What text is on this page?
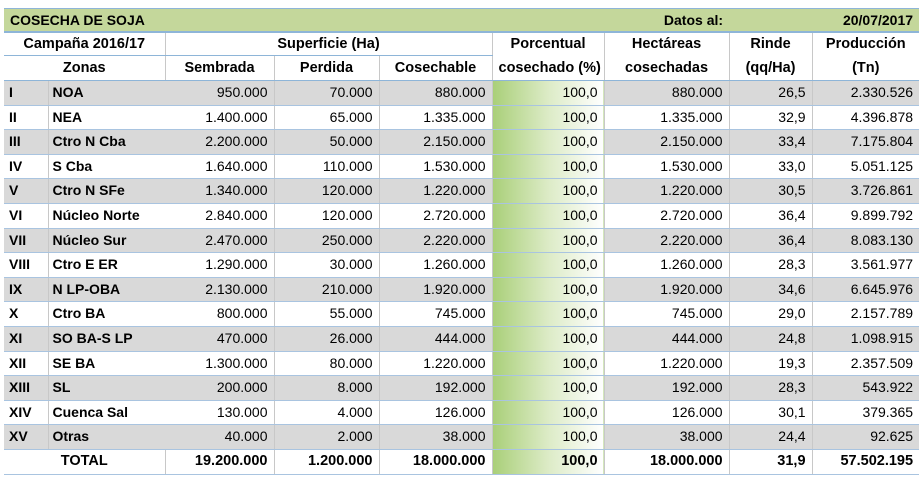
COSECHA DE SOJA						Datos al:	20/07/2017	
Campaña 2016/17		Superficie (Ha)			Porcentual	Hectáreas	Rinde	Producción
Zonas		Sembrada	Perdida	Cosechable	cosechado (%)	cosechadas	(qq/Ha)	(Tn)
I	NOA	950.000	70.000	880.000	100,0	880.000	26,5	2.330.526
II	NEA	1.400.000	65.000	1.335.000	100,0	1.335.000	32,9	4.396.878
III	Ctro N Cba	2.200.000	50.000	2.150.000	100,0	2.150.000	33,4	7.175.804
IV	S Cba	1.640.000	110.000	1.530.000	100,0	1.530.000	33,0	5.051.125
V	Ctro N SFe	1.340.000	120.000	1.220.000	100,0	1.220.000	30,5	3.726.861
VI	Núcleo Norte	2.840.000	120.000	2.720.000	100,0	2.720.000	36,4	9.899.792
VII	Núcleo Sur	2.470.000	250.000	2.220.000	100,0	2.220.000	36,4	8.083.130
VIII	Ctro E ER	1.290.000	30.000	1.260.000	100,0	1.260.000	28,3	3.561.977
IX	N LP-OBA	2.130.000	210.000	1.920.000	100,0	1.920.000	34,6	6.645.976
X	Ctro BA	800.000	55.000	745.000	100,0	745.000	29,0	2.157.789
XI	SO BA-S LP	470.000	26.000	444.000	100,0	444.000	24,8	1.098.915
XII	SE BA	1.300.000	80.000	1.220.000	100,0	1.220.000	19,3	2.357.509
XIII	SL	200.000	8.000	192.000	100,0	192.000	28,3	543.922
XIV	Cuenca Sal	130.000	4.000	126.000	100,0	126.000	30,1	379.365
XV	Otras	40.000	2.000	38.000	100,0	38.000	24,4	92.625
TOTAL		19.200.000	1.200.000	18.000.000	100,0	18.000.000	31,9	57.502.195
